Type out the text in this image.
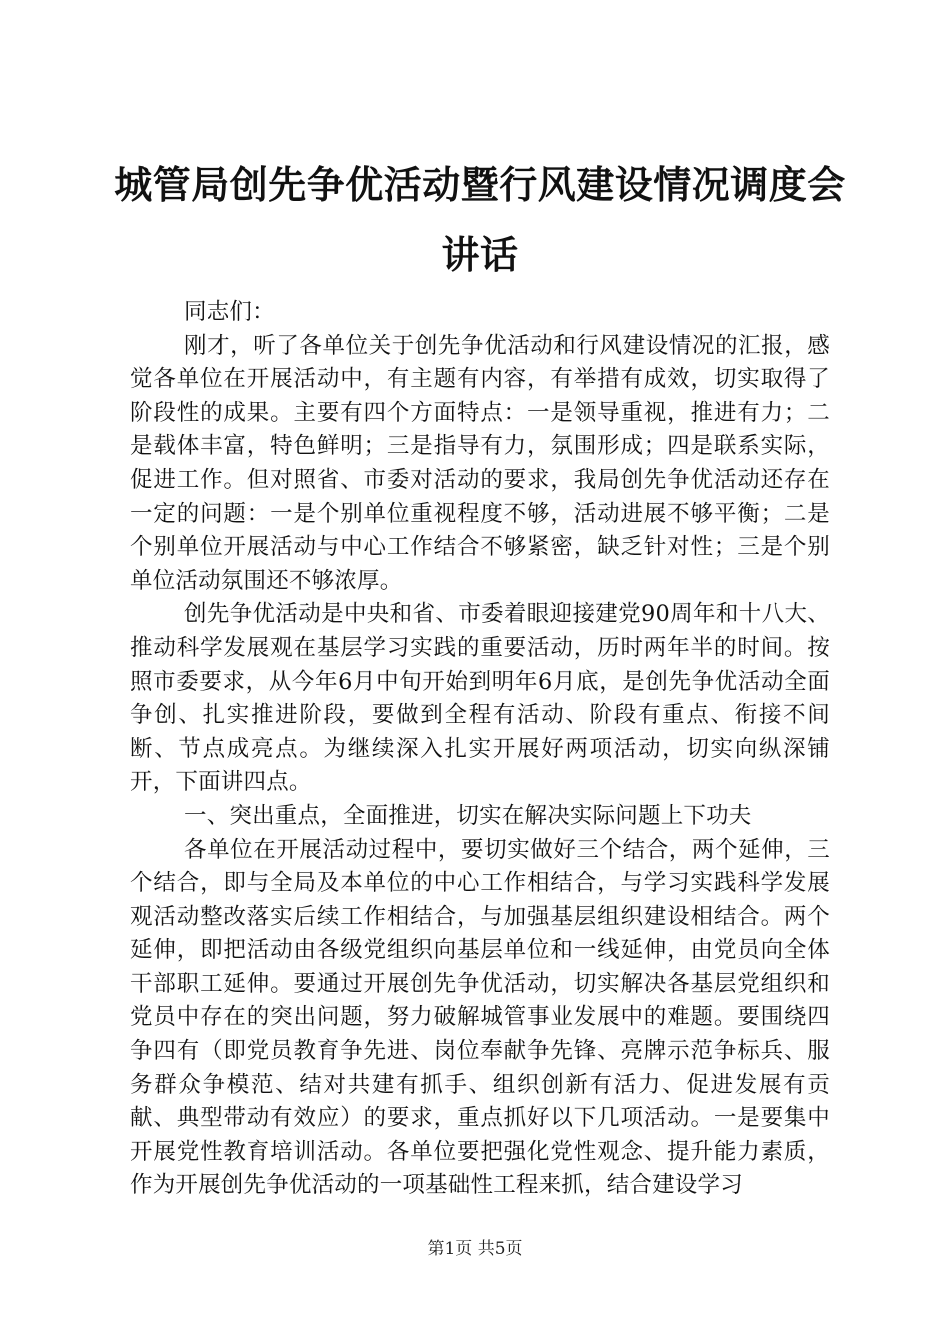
城管局创先争优活动暨行风建设情况调度会讲话

同志们：

刚才，听了各单位关于创先争优活动和行风建设情况的汇报，感觉各单位在开展活动中，有主题有内容，有举措有成效，切实取得了阶段性的成果。主要有四个方面特点：一是领导重视，推进有力；二是载体丰富，特色鲜明；三是指导有力，氛围形成；四是联系实际，促进工作。但对照省、市委对活动的要求，我局创先争优活动还存在一定的问题：一是个别单位重视程度不够，活动进展不够平衡；二是个别单位开展活动与中心工作结合不够紧密，缺乏针对性；三是个别单位活动氛围还不够浓厚。

创先争优活动是中央和省、市委着眼迎接建党90周年和十八大、推动科学发展观在基层学习实践的重要活动，历时两年半的时间。按照市委要求，从今年6月中旬开始到明年6月底，是创先争优活动全面争创、扎实推进阶段，要做到全程有活动、阶段有重点、衔接不间断、节点成亮点。为继续深入扎实开展好两项活动，切实向纵深铺开，下面讲四点。

一、突出重点，全面推进，切实在解决实际问题上下功夫

各单位在开展活动过程中，要切实做好三个结合，两个延伸，三个结合，即与全局及本单位的中心工作相结合，与学习实践科学发展观活动整改落实后续工作相结合，与加强基层组织建设相结合。两个延伸，即把活动由各级党组织向基层单位和一线延伸，由党员向全体干部职工延伸。要通过开展创先争优活动，切实解决各基层党组织和党员中存在的突出问题，努力破解城管事业发展中的难题。要围绕四争四有（即党员教育争先进、岗位奉献争先锋、亮牌示范争标兵、服务群众争模范、结对共建有抓手、组织创新有活力、促进发展有贡献、典型带动有效应）的要求，重点抓好以下几项活动。一是要集中开展党性教育培训活动。各单位要把强化党性观念、提升能力素质，作为开展创先争优活动的一项基础性工程来抓，结合建设学习

第1页 共5页
